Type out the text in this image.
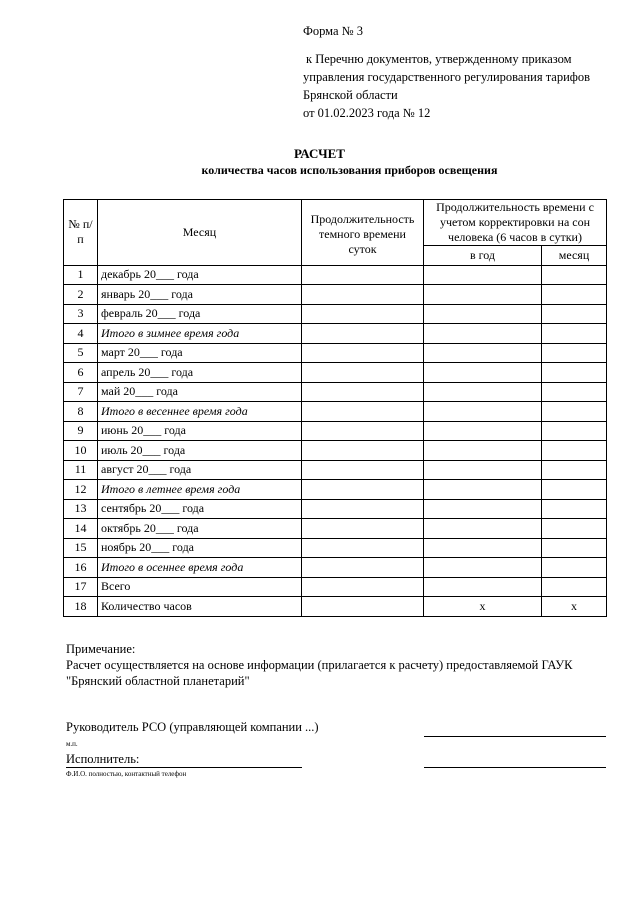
Форма № 3
к Перечню документов, утвержденному приказом
управления государственного регулирования тарифов
Брянской области
от 01.02.2023 года № 12
РАСЧЕТ
количества часов использования приборов освещения
№ п/п	Месяц	Продолжительность темного времени суток	Продолжительность времени с учетом корректировки на сон человека (6 часов в сутки)	
			в год	месяц
1	декабрь 20___ года			
2	январь 20___ года			
3	февраль 20___ года			
4	Итого в зимнее время года			
5	март 20___ года			
6	апрель 20___ года			
7	май 20___ года			
8	Итого в весеннее время года			
9	июнь 20___ года			
10	июль 20___ года			
11	август 20___ года			
12	Итого в летнее время года			
13	сентябрь 20___ года			
14	октябрь 20___ года			
15	ноябрь 20___ года			
16	Итого в осеннее время года			
17	Всего			
18	Количество часов		x	x
Примечание:
Расчет осуществляется на основе информации (прилагается к расчету) предоставляемой ГАУК "Брянский областной планетарий"
Руководитель РСО (управляющей компании ...)
м.п.
Исполнитель:
Ф.И.О. полностью, контактный телефон
